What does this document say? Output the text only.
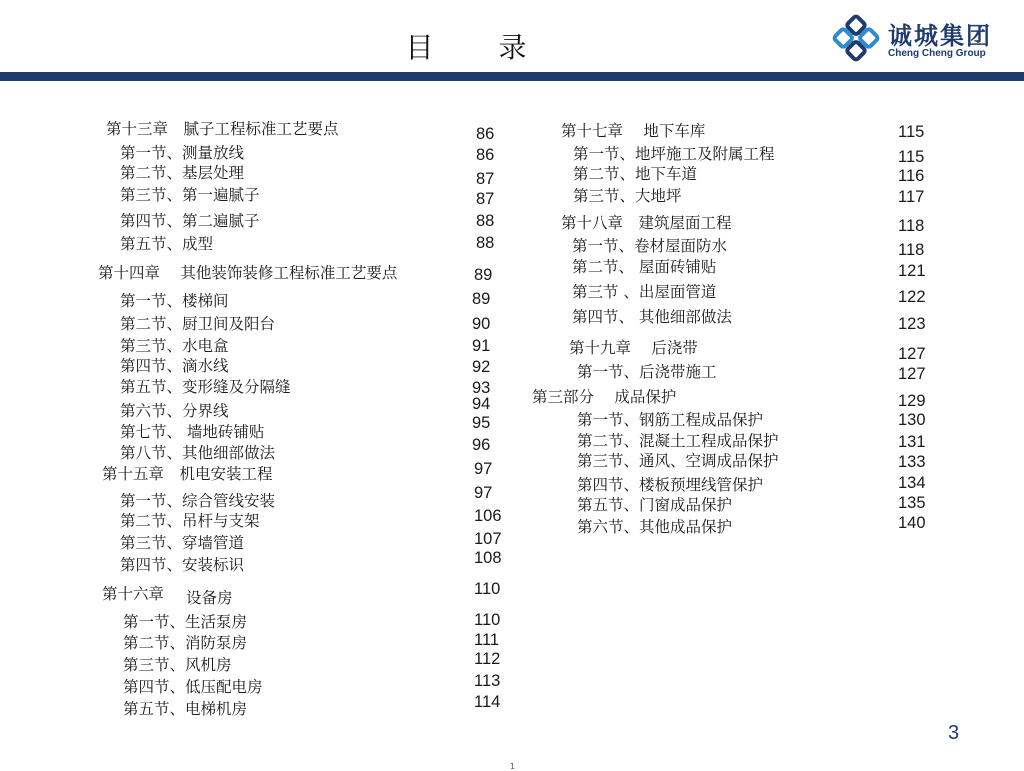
目 录	诚城集团
Cheng Cheng Group
第十三章　腻子工程标准工艺要点	86
第一节、测量放线	86
第二节、基层处理	87
第三节、第一遍腻子	87
第四节、第二遍腻子	88
第五节、成型	88
第十四章　 其他装饰装修工程标准工艺要点	89
第一节、楼梯间	89
第二节、厨卫间及阳台	90
第三节、水电盒	91
第四节、滴水线	92
第五节、变形缝及分隔缝	93
第六节、分界线	94
第七节、 墙地砖铺贴	95
第八节、其他细部做法	96
第十五章　机电安装工程	97
第一节、综合管线安装	97
第二节、吊杆与支架	106
第三节、穿墙管道	107
第四节、安装标识	108
第十六章 设备房	110
第一节、生活泵房	110
第二节、消防泵房	111
第三节、风机房	112
第四节、低压配电房	113
第五节、电梯机房	114
第十七章　 地下车库	115
第一节、地坪施工及附属工程	115
第二节、地下车道	116
第三节、大地坪	117
第十八章　建筑屋面工程	118
第一节、卷材屋面防水	118
第二节、 屋面砖铺贴	121
第三节 、出屋面管道	122
第四节、 其他细部做法	123
第十九章　 后浇带	127
第一节、后浇带施工	127
第三部分　 成品保护	129
第一节、钢筋工程成品保护	130
第二节、混凝土工程成品保护	131
第三节、通风、空调成品保护	133
第四节、楼板预埋线管保护	134
第五节、门窗成品保护	135
第六节、其他成品保护	140
3
1
